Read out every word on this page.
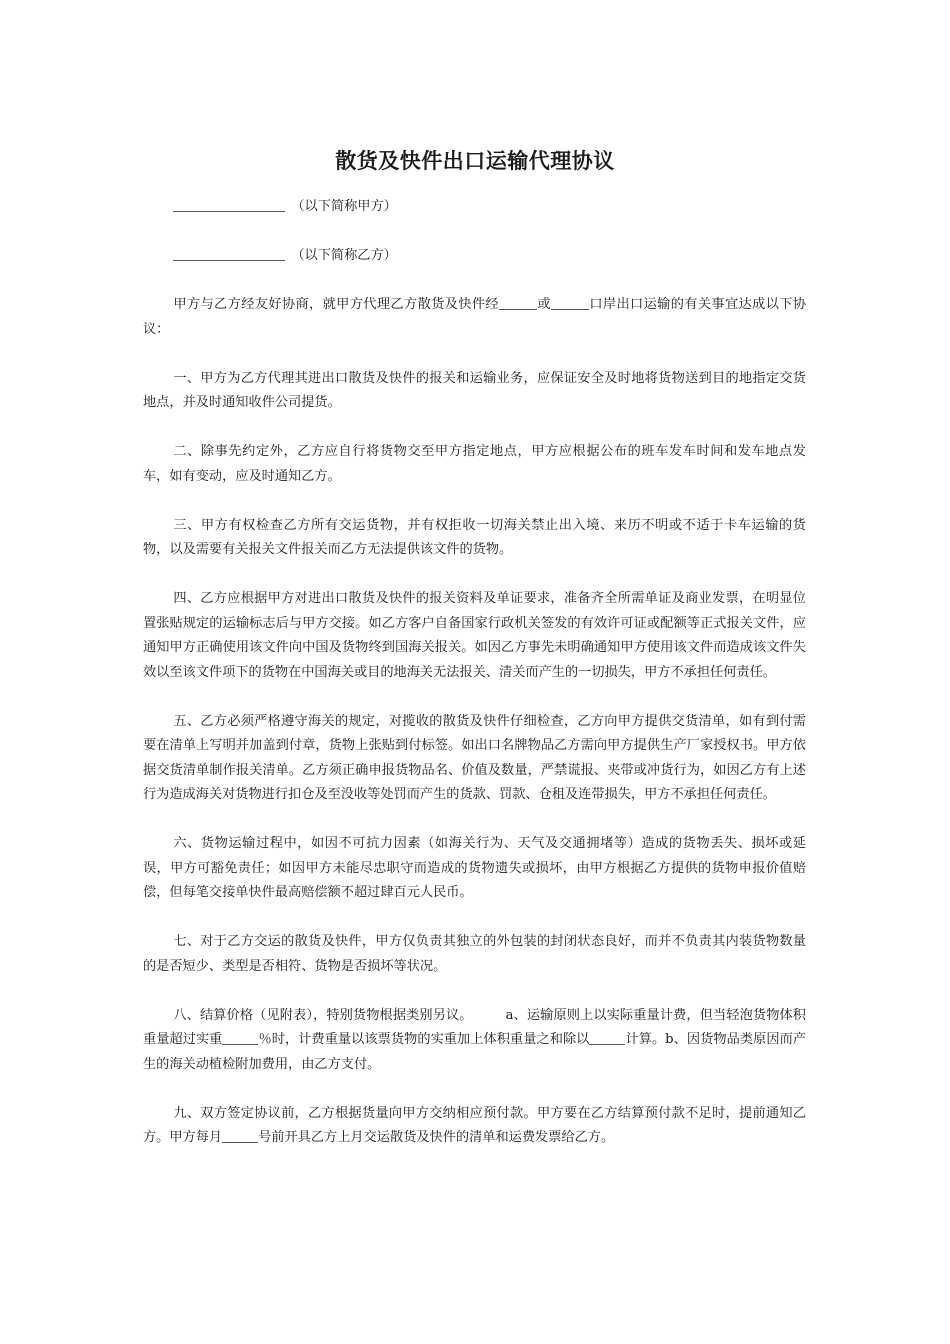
散货及快件出口运输代理协议

（以下简称甲方）

（以下简称乙方）

甲方与乙方经友好协商，就甲方代理乙方散货及快件经	或	口岸出口运输的有关事宜达成以下协议：

一、甲方为乙方代理其进出口散货及快件的报关和运输业务，应保证安全及时地将货物送到目的地指定交货地点，并及时通知收件公司提货。

二、除事先约定外，乙方应自行将货物交至甲方指定地点，甲方应根据公布的班车发车时间和发车地点发车，如有变动，应及时通知乙方。

三、甲方有权检查乙方所有交运货物，并有权拒收一切海关禁止出入境、来历不明或不适于卡车运输的货物，以及需要有关报关文件报关而乙方无法提供该文件的货物。

四、乙方应根据甲方对进出口散货及快件的报关资料及单证要求，准备齐全所需单证及商业发票，在明显位置张贴规定的运输标志后与甲方交接。如乙方客户自备国家行政机关签发的有效许可证或配额等正式报关文件，应通知甲方正确使用该文件向中国及货物终到国海关报关。如因乙方事先未明确通知甲方使用该文件而造成该文件失效以至该文件项下的货物在中国海关或目的地海关无法报关、清关而产生的一切损失，甲方不承担任何责任。

五、乙方必须严格遵守海关的规定，对揽收的散货及快件仔细检查，乙方向甲方提供交货清单，如有到付需要在清单上写明并加盖到付章，货物上张贴到付标签。如出口名牌物品乙方需向甲方提供生产厂家授权书。甲方依据交货清单制作报关清单。乙方须正确申报货物品名、价值及数量，严禁谎报、夹带或冲货行为，如因乙方有上述行为造成海关对货物进行扣仓及至没收等处罚而产生的货款、罚款、仓租及连带损失，甲方不承担任何责任。

六、货物运输过程中，如因不可抗力因素（如海关行为、天气及交通拥堵等）造成的货物丢失、损坏或延误，甲方可豁免责任；如因甲方未能尽忠职守而造成的货物遗失或损坏，由甲方根据乙方提供的货物申报价值赔偿，但每笔交接单快件最高赔偿额不超过肆百元人民币。

七、对于乙方交运的散货及快件，甲方仅负责其独立的外包装的封闭状态良好，而并不负责其内装货物数量的是否短少、类型是否相符、货物是否损坏等状况。

八、结算价格（见附表），特别货物根据类别另议。    a、运输原则上以实际重量计费，但当轻泡货物体积重量超过实重	％时，计费重量以该票货物的实重加上体积重量之和除以	计算。b、因货物品类原因而产生的海关动植检附加费用，由乙方支付。

九、双方签定协议前，乙方根据货量向甲方交纳相应预付款。甲方要在乙方结算预付款不足时，提前通知乙方。甲方每月	号前开具乙方上月交运散货及快件的清单和运费发票给乙方。
